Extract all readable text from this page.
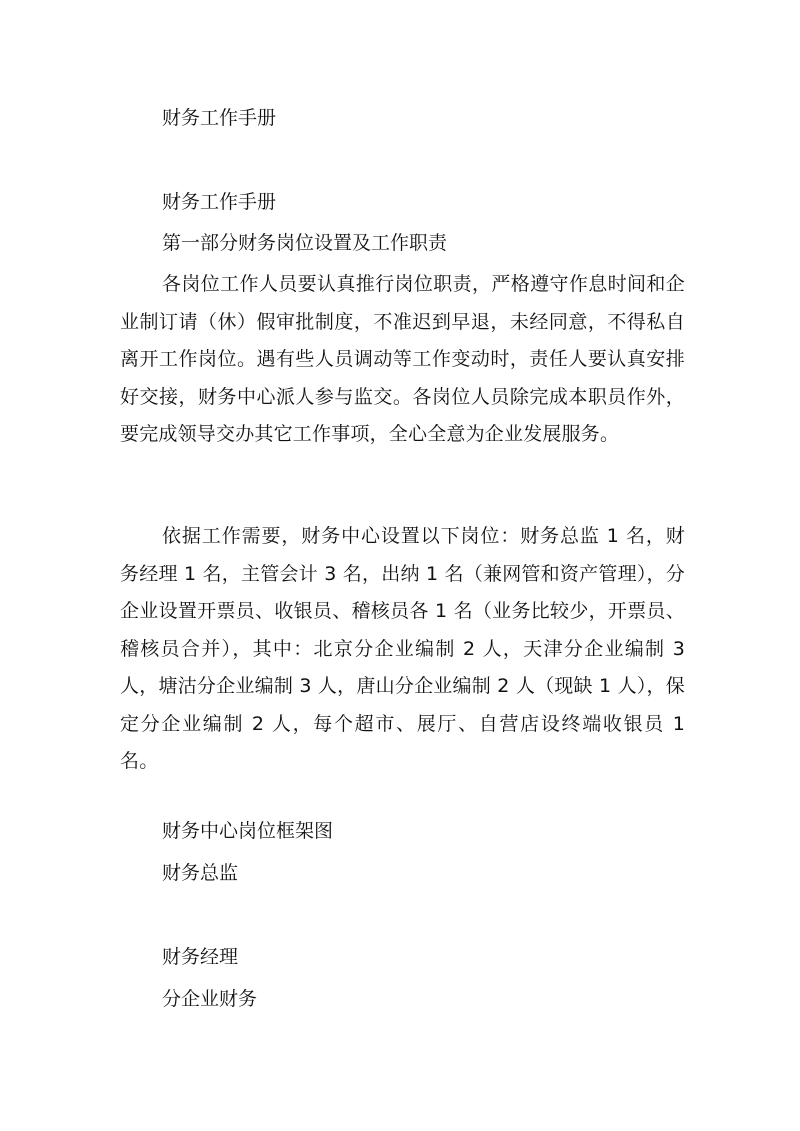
财务工作手册
财务工作手册
第一部分财务岗位设置及工作职责
各岗位工作人员要认真推行岗位职责，严格遵守作息时间和企业制订请（休）假审批制度，不准迟到早退，未经同意，不得私自离开工作岗位。遇有些人员调动等工作变动时，责任人要认真安排好交接，财务中心派人参与监交。各岗位人员除完成本职员作外，要完成领导交办其它工作事项，全心全意为企业发展服务。
依据工作需要，财务中心设置以下岗位：财务总监 1 名，财务经理 1 名，主管会计 3 名，出纳 1 名（兼网管和资产管理），分企业设置开票员、收银员、稽核员各 1 名（业务比较少，开票员、稽核员合并），其中：北京分企业编制 2 人，天津分企业编制 3 人，塘沽分企业编制 3 人，唐山分企业编制 2 人（现缺 1 人），保定分企业编制 2 人，每个超市、展厅、自营店设终端收银员 1 名。
财务中心岗位框架图
财务总监
财务经理
分企业财务
